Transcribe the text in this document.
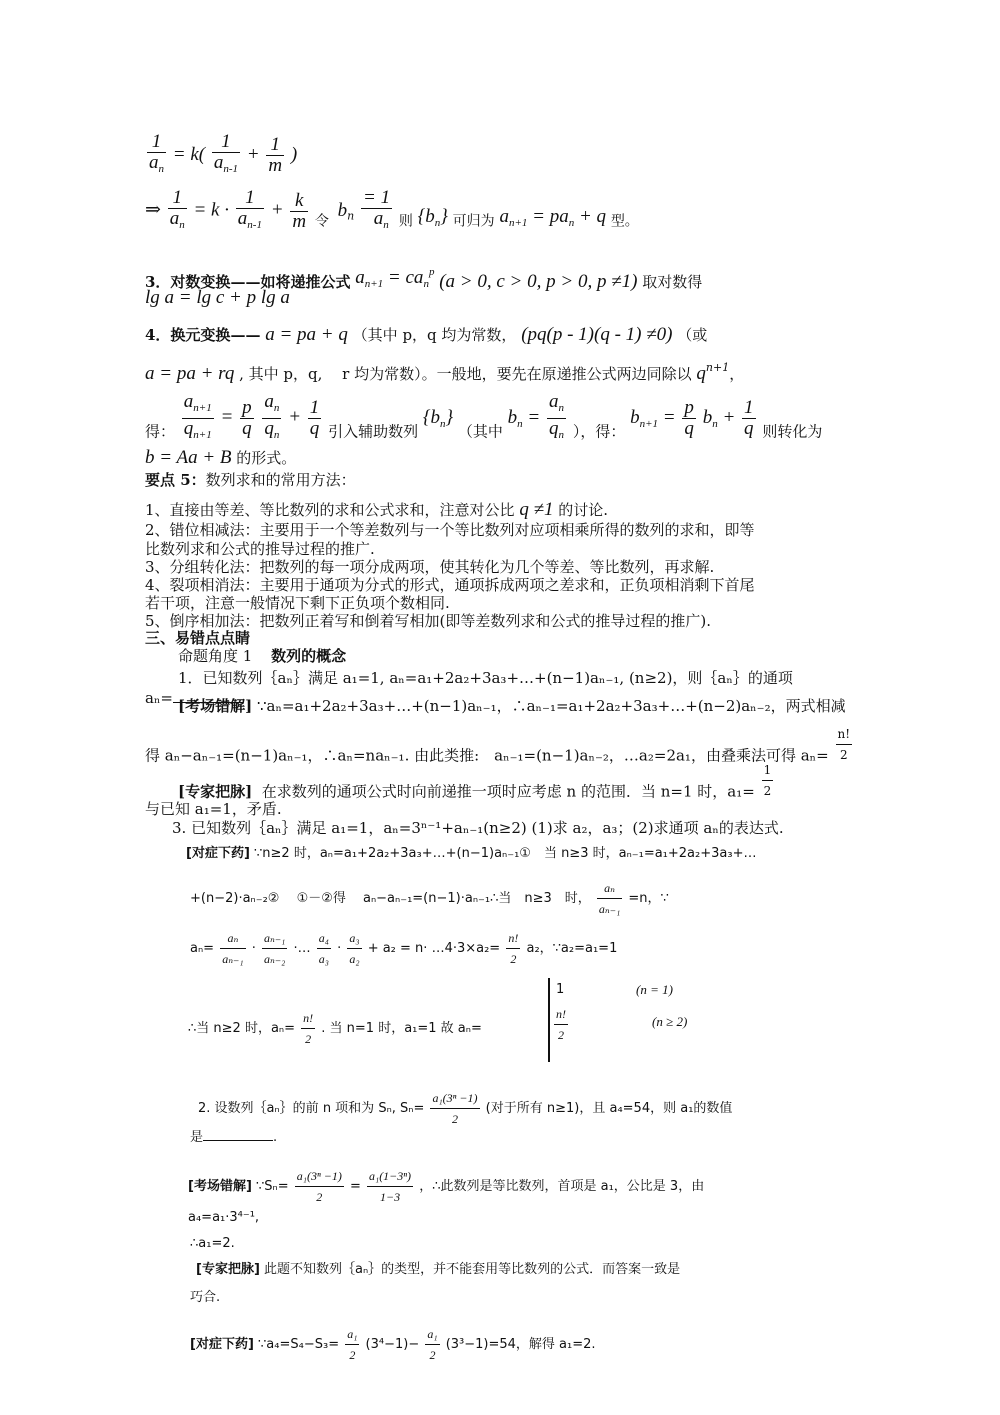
$\frac{1}{a_n} = k( \frac{1}{a_{n-1}} + \frac{1}{m}$ )
⇒ $\frac{1}{a_n} = k \cdot \frac{1}{a_{n-1}} + \frac{k}{m}$ 令 $b_n \frac{= 1}{a_n}$ 则 $\{b_n\}$ 可归为 $a_{n+1} = pa_n + q$ 型。
3．对数变换——如将递推公式 $a_{n+1} = ca_n^p$ (a > 0, c > 0, p > 0, p ≠1) 取对数得
lg a = lg c + p lg a
4．换元变换—— a = pa + q （其中 p，q 均为常数， (pq(p - 1)(q - 1) ≠0) （或
a = pa + rq , 其中 p，q,　 r 均为常数）。一般地，要先在原递推公式两边同除以 $q^{n+1}$，
得： $\frac{a_{n+1}}{q_{n+1}} = \frac{p}{q}$
$\frac{a_n}{q_n} + \frac{1}{q}$ 引入辅助数列 $\{b_n\}$ （其中 $b_n = \frac{a_n}{q_n}$ ），得： $b_{n+1} = \frac{p}{q} b_n + \frac{1}{q}$ 则转化为
b = Aa + B 的形式。
要点 5：数列求和的常用方法：
1、直接由等差、等比数列的求和公式求和，注意对公比 q ≠1 的讨论.
2、错位相减法：主要用于一个等差数列与一个等比数列对应项相乘所得的数列的求和，即等
比数列求和公式的推导过程的推广.
3、分组转化法：把数列的每一项分成两项，使其转化为几个等差、等比数列，再求解.
4、裂项相消法：主要用于通项为分式的形式，通项拆成两项之差求和，正负项相消剩下首尾
若干项，注意一般情况下剩下正负项个数相同.
5、倒序相加法：把数列正着写和倒着写相加(即等差数列求和公式的推导过程的推广).
三、易错点点睛
命题角度 1 数列的概念
1．已知数列｛aₙ｝满足 a₁=1, aₙ=a₁+2a₂+3a₃+…+(n−1)aₙ₋₁, (n≥2)，则｛aₙ｝的通项
aₙ= [考场错解] ∵aₙ=a₁+2a₂+3a₃+…+(n−1)aₙ₋₁，∴aₙ₋₁=a₁+2a₂+3a₃+…+(n−2)aₙ₋₂，两式相减
得 aₙ−aₙ₋₁=(n−1)aₙ₋₁，∴aₙ=naₙ₋₁. 由此类推:　aₙ₋₁=(n−1)aₙ₋₂，…a₂=2a₁，由叠乘法可得 $a_n= \frac{n!}{2}$
[专家把脉] 在求数列的通项公式时向前递推一项时应考虑 n 的范围．当 n=1 时，$a_1= \frac{1}{2}$
与已知 a₁=1，矛盾.
3. 已知数列｛aₙ｝满足 a₁=1，aₙ=3ⁿ⁻¹+aₙ₋₁(n≥2) (1)求 a₂，a₃；(2)求通项 aₙ的表达式.
[对症下药] ∵n≥2 时，aₙ=a₁+2a₂+3a₃+…+(n−1)aₙ₋₁①　当 n≥3 时，aₙ₋₁=a₁+2a₂+3a₃+…
+(n−2)·aₙ₋₂②　 ①－②得　 aₙ−aₙ₋₁=(n−1)·aₙ₋₁∴当　n≥3　时， $\frac{\text{aₙ}}{\text{aₙ₋₁}} =n$，∵
$a_n= \frac{\text{aₙ}}{\text{aₙ₋₁}} \cdot \frac{\text{aₙ₋₁}}{\text{aₙ₋₂}}$ ·… $\frac{\text{a₄}}{\text{a₃}} \cdot \frac{\text{a₃}}{\text{a₂}} + a_2 = n\cdot$ …4·3×a₂= $\frac{n!}{2} a_2$，∵a₂=a₁=1
∴当 n≥2 时，$a_n= \frac{n!}{2}$ . 当 n=1 时，a₁=1 故 aₙ=
1	(n = 1)
$\frac{n!}{2}$	(n ≥ 2)
2. 设数列｛aₙ｝的前 n 项和为 Sₙ, $S_n= \frac{\text{a₁(3ⁿ −1)}}{2}$ (对于所有 n≥1)，且 a₄=54，则 a₁的数值
是	.
[考场错解] ∵Sₙ= $\frac{\text{a₁(3ⁿ −1)}}{2} = \frac{\text{a₁(1−3ⁿ)}}{1-3}$ ，∴此数列是等比数列，首项是 a₁，公比是 3，由
a₄=a₁·3⁴⁻¹,
∴a₁=2.
[专家把脉] 此题不知数列｛aₙ｝的类型，并不能套用等比数列的公式．而答案一致是
巧合.
[对症下药] ∵a₄=S₄−S₃= $\frac{\text{a₁}}{2} (3^4-1)- \frac{\text{a₁}}{2} (3^3-1)=54$，解得 a₁=2.
